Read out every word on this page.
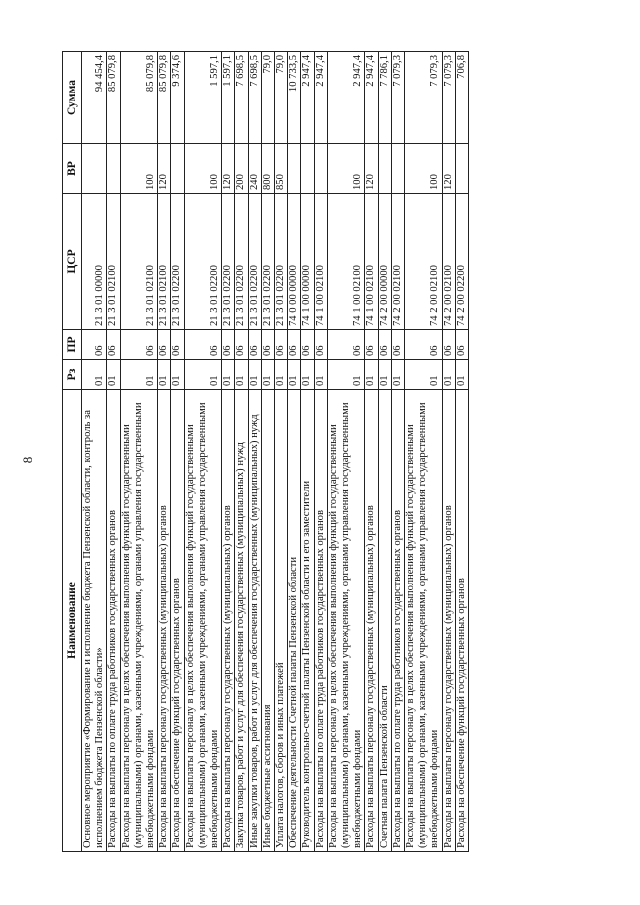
8
Наименование	Рз	ПР	ЦСР	ВР	Сумма
Основное мероприятие «Формирование и исполнение бюджета Пензенской области, контроль за исполнением бюджета Пензенской области»	01	06	21 3 01 00000		94 454,4
Расходы на выплаты по оплате труда работников государственных органов	01	06	21 3 01 02100		85 079,8
Расходы на выплаты персоналу в целях обеспечения выполнения функций государственными (муниципальными) органами, казенными учреждениями, органами управления государственными внебюджетными фондами	01	06	21 3 01 02100	100	85 079,8
Расходы на выплаты персоналу государственных (муниципальных) органов	01	06	21 3 01 02100	120	85 079,8
Расходы на обеспечение функций государственных органов	01	06	21 3 01 02200		9 374,6
Расходы на выплаты персоналу в целях обеспечения выполнения функций государственными (муниципальными) органами, казенными учреждениями, органами управления государственными внебюджетными фондами	01	06	21 3 01 02200	100	1 597,1
Расходы на выплаты персоналу государственных (муниципальных) органов	01	06	21 3 01 02200	120	1 597,1
Закупка товаров, работ и услуг для обеспечения государственных (муниципальных) нужд	01	06	21 3 01 02200	200	7 698,5
Иные закупки товаров, работ и услуг для обеспечения государственных (муниципальных) нужд	01	06	21 3 01 02200	240	7 698,5
Иные бюджетные ассигнования	01	06	21 3 01 02200	800	79,0
Уплата налогов, сборов и иных платежей	01	06	21 3 01 02200	850	79,0
Обеспечение деятельности Счетной палаты Пензенской области	01	06	74 0 00 00000		10 733,5
Руководитель контрольно-счетной палаты Пензенской области и его заместители	01	06	74 1 00 00000		2 947,4
Расходы на выплаты по оплате труда работников государственных органов	01	06	74 1 00 02100		2 947,4
Расходы на выплаты персоналу в целях обеспечения выполнения функций государственными (муниципальными) органами, казенными учреждениями, органами управления государственными внебюджетными фондами	01	06	74 1 00 02100	100	2 947,4
Расходы на выплаты персоналу государственных (муниципальных) органов	01	06	74 1 00 02100	120	2 947,4
Счетная палата Пензенской области	01	06	74 2 00 00000		7 786,1
Расходы на выплаты по оплате труда работников государственных органов	01	06	74 2 00 02100		7 079,3
Расходы на выплаты персоналу в целях обеспечения выполнения функций государственными (муниципальными) органами, казенными учреждениями, органами управления государственными внебюджетными фондами	01	06	74 2 00 02100	100	7 079,3
Расходы на выплаты персоналу государственных (муниципальных) органов	01	06	74 2 00 02100	120	7 079,3
Расходы на обеспечение функций государственных органов	01	06	74 2 00 02200		706,8
